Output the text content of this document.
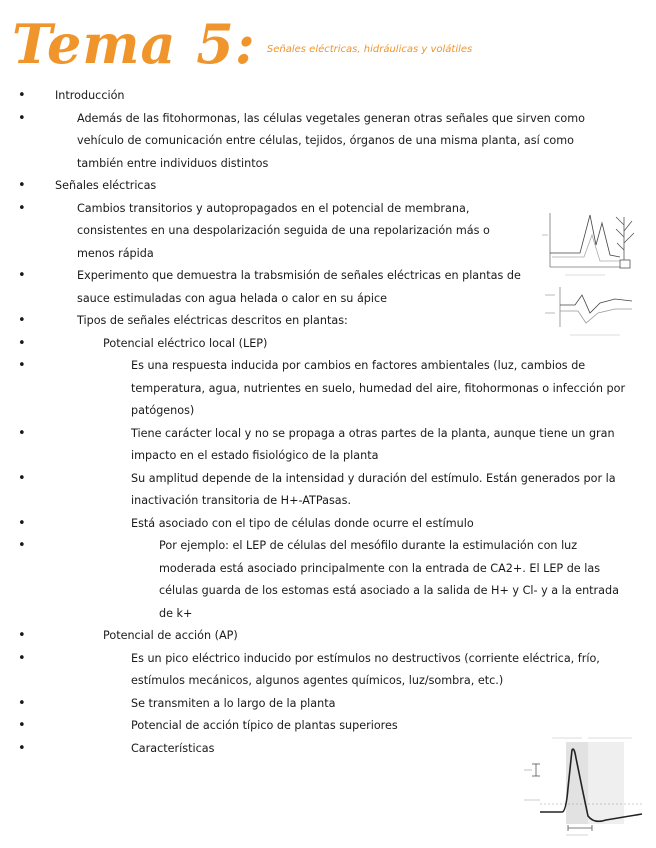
Tema 5: Señales eléctricas, hidráulicas y volátiles
•	Introducción
•	Además de las fitohormonas, las células vegetales generan otras señales que sirven como vehículo de comunicación entre células, tejidos, órganos de una misma planta, así como también entre individuos distintos
•	Señales eléctricas
•	Cambios transitorios y autopropagados en el potencial de membrana, consistentes en una despolarización seguida de una repolarización más o menos rápida
•	Experimento que demuestra la trabsmisión de señales eléctricas en plantas de sauce estimuladas con agua helada o calor en su ápice
•	Tipos de señales eléctricas descritos en plantas:
•	Potencial eléctrico local (LEP)
•	Es una respuesta inducida por cambios en factores ambientales (luz, cambios de temperatura, agua, nutrientes en suelo, humedad del aire, fitohormonas o infección por patógenos)
•	Tiene carácter local y no se propaga a otras partes de la planta, aunque tiene un gran impacto en el estado fisiológico de la planta
•	Su amplitud depende de la intensidad y duración del estímulo. Están generados por la inactivación transitoria de H+-ATPasas.
•	Está asociado con el tipo de células donde ocurre el estímulo
•	Por ejemplo: el LEP de células del mesófilo durante la estimulación con luz moderada está asociado principalmente con la entrada de CA2+. El LEP de las células guarda de los estomas está asociado a la salida de H+ y Cl- y a la entrada de k+
•	Potencial de acción (AP)
•	Es un pico eléctrico inducido por estímulos no destructivos (corriente eléctrica, frío, estímulos mecánicos, algunos agentes químicos, luz/sombra, etc.)
•	Se transmiten a lo largo de la planta
•	Potencial de acción típico de plantas superiores
•	Características
